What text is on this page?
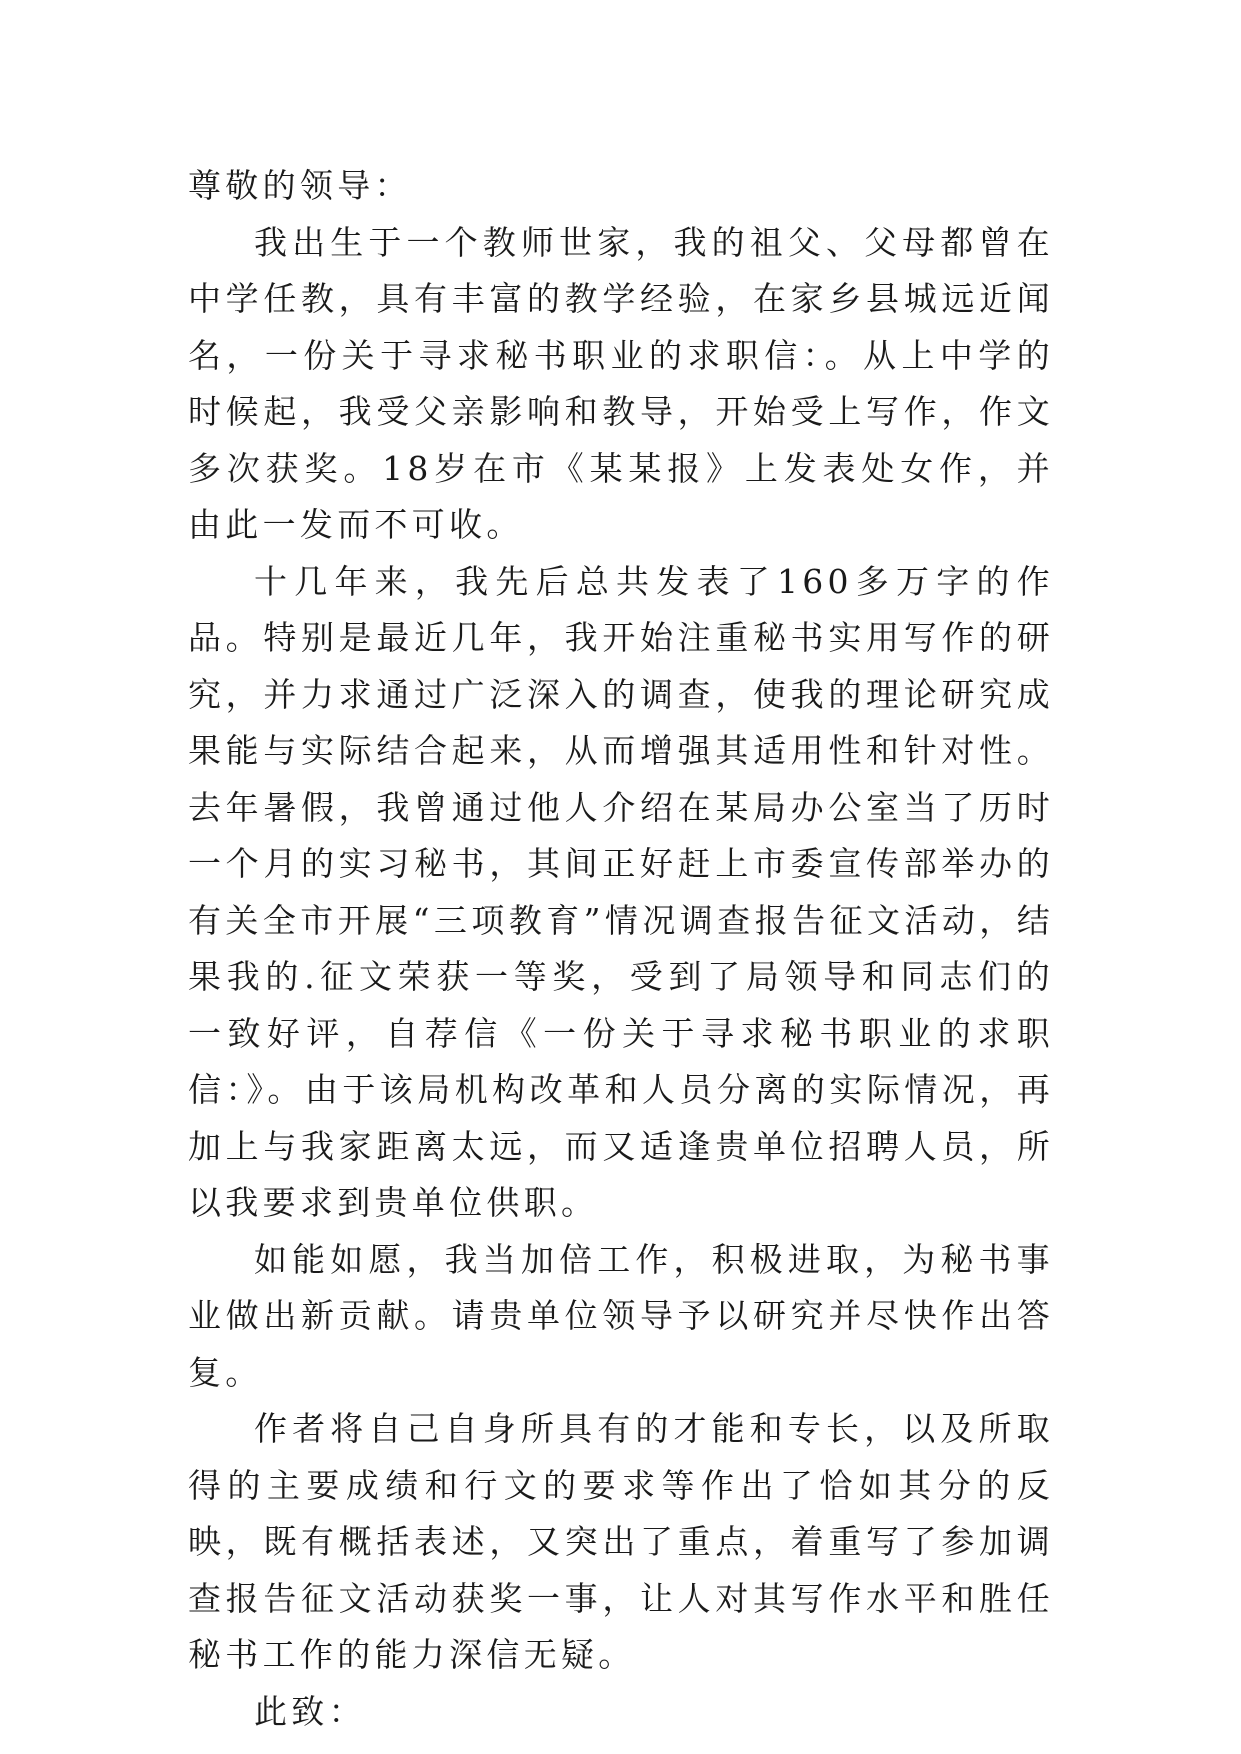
尊敬的领导：

我出生于一个教师世家，我的祖父、父母都曾在中学任教，具有丰富的教学经验，在家乡县城远近闻名，一份关于寻求秘书职业的求职信：。从上中学的时候起，我受父亲影响和教导，开始受上写作，作文多次获奖。18岁在市《某某报》上发表处女作，并由此一发而不可收。

十几年来，我先后总共发表了160多万字的作品。特别是最近几年，我开始注重秘书实用写作的研究，并力求通过广泛深入的调查，使我的理论研究成果能与实际结合起来，从而增强其适用性和针对性。去年暑假，我曾通过他人介绍在某局办公室当了历时一个月的实习秘书，其间正好赶上市委宣传部举办的有关全市开展“三项教育”情况调查报告征文活动，结果我的.征文荣获一等奖，受到了局领导和同志们的一致好评，自荐信《一份关于寻求秘书职业的求职信：》。由于该局机构改革和人员分离的实际情况，再加上与我家距离太远，而又适逢贵单位招聘人员，所以我要求到贵单位供职。

如能如愿，我当加倍工作，积极进取，为秘书事业做出新贡献。请贵单位领导予以研究并尽快作出答复。

作者将自己自身所具有的才能和专长，以及所取得的主要成绩和行文的要求等作出了恰如其分的反映，既有概括表述，又突出了重点，着重写了参加调查报告征文活动获奖一事，让人对其写作水平和胜任秘书工作的能力深信无疑。

此致：
